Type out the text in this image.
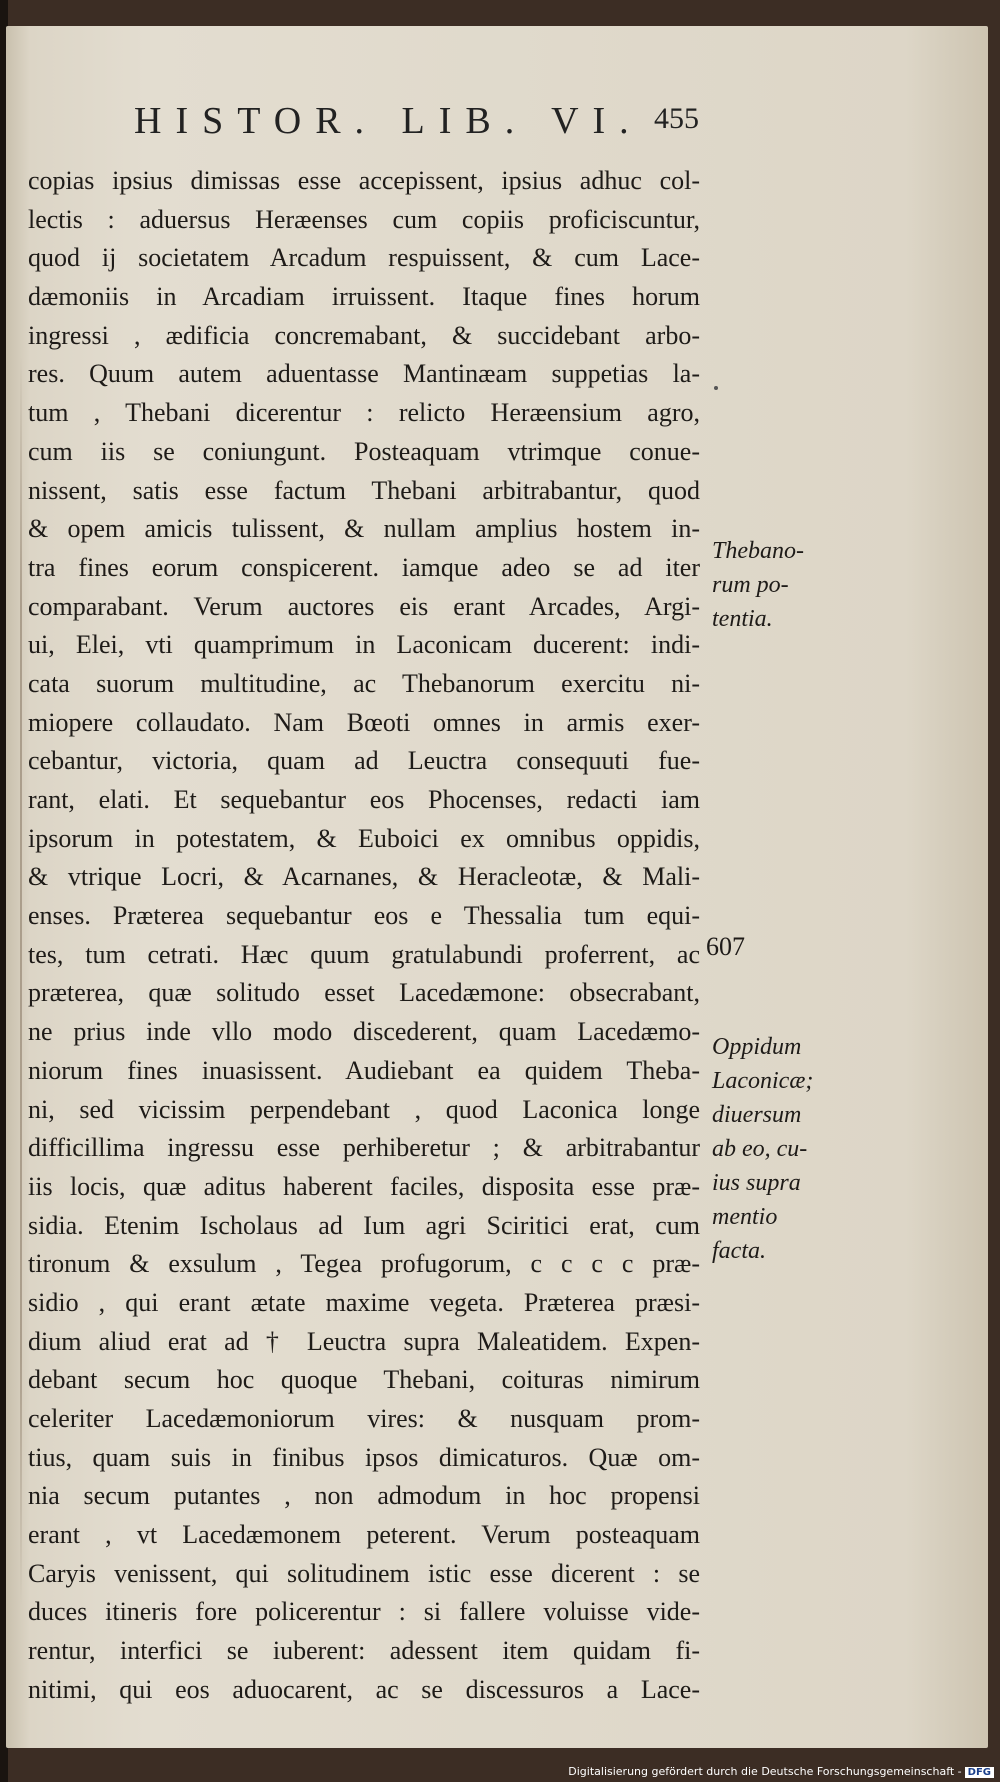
HISTOR. LIB. VI. 455
copias ipsius dimissas esse accepissent, ipsius adhuc col-
lectis : aduersus Heræenses cum copiis proficiscuntur,
quod ij societatem Arcadum respuissent, & cum Lace-
dæmoniis in Arcadiam irruissent. Itaque fines horum
ingressi , ædificia concremabant, & succidebant arbo-
res. Quum autem aduentasse Mantinæam suppetias la-
tum , Thebani dicerentur : relicto Heræensium agro,
cum iis se coniungunt. Posteaquam vtrimque conue-
nissent, satis esse factum Thebani arbitrabantur, quod
& opem amicis tulissent, & nullam amplius hostem in-
tra fines eorum conspicerent. iamque adeo se ad iter
comparabant. Verum auctores eis erant Arcades, Argi-
ui, Elei, vti quamprimum in Laconicam ducerent: indi-
cata suorum multitudine, ac Thebanorum exercitu ni-
miopere collaudato. Nam Bœoti omnes in armis exer-
cebantur, victoria, quam ad Leuctra consequuti fue-
rant, elati. Et sequebantur eos Phocenses, redacti iam
ipsorum in potestatem, & Euboici ex omnibus oppidis,
& vtrique Locri, & Acarnanes, & Heracleotæ, & Mali-
enses. Præterea sequebantur eos e Thessalia tum equi-
tes, tum cetrati. Hæc quum gratulabundi proferrent, ac
præterea, quæ solitudo esset Lacedæmone: obsecrabant,
ne prius inde vllo modo discederent, quam Lacedæmo-
niorum fines inuasissent. Audiebant ea quidem Theba-
ni, sed vicissim perpendebant , quod Laconica longe
difficillima ingressu esse perhiberetur ; & arbitrabantur
iis locis, quæ aditus haberent faciles, disposita esse præ-
sidia. Etenim Ischolaus ad Ium agri Sciritici erat, cum
tironum & exsulum , Tegea profugorum, c c c c præ-
sidio , qui erant ætate maxime vegeta. Præterea præsi-
dium aliud erat ad † Leuctra supra Maleatidem. Expen-
debant secum hoc quoque Thebani, coituras nimirum
celeriter Lacedæmoniorum vires: & nusquam prom-
tius, quam suis in finibus ipsos dimicaturos. Quæ om-
nia secum putantes , non admodum in hoc propensi
erant , vt Lacedæmonem peterent. Verum posteaquam
Caryis venissent, qui solitudinem istic esse dicerent : se
duces itineris fore policerentur : si fallere voluisse vide-
rentur, interfici se iuberent: adessent item quidam fi-
nitimi, qui eos aduocarent, ac se discessuros a Lace-
Thebano-
rum po-
tentia.
607
Oppidum
Laconicæ;
diuersum
ab eo, cu-
ius supra
mentio
facta.
Digitalisierung gefördert durch die Deutsche Forschungsgemeinschaft - DFG
